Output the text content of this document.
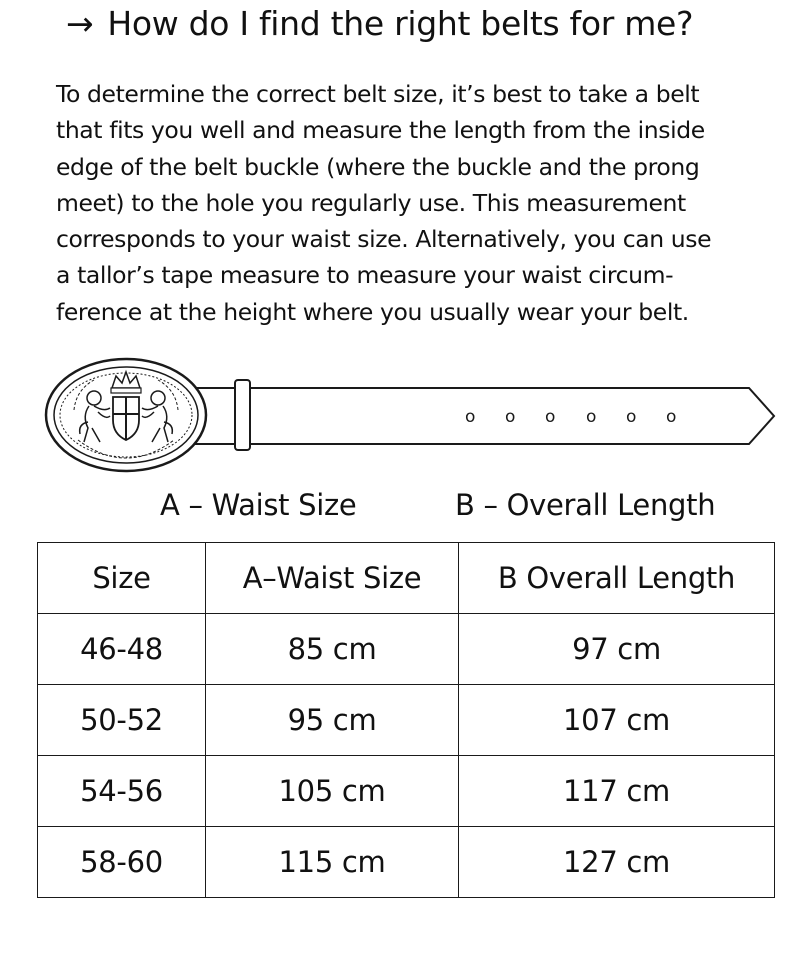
→ How do I find the right belts for me?

To determine the correct belt size, it’s best to take a belt
that fits you well and measure the length from the inside
edge of the belt buckle (where the buckle and the prong
meet) to the hole you regularly use. This measurement
corresponds to your waist size. Alternatively, you can use
a tallor’s tape measure to measure your waist circum-
ference at the height where you usually wear your belt.

o o o o o o
A – Waist Size	B – Overall Length
Size	A–Waist Size	B Overall Length
46-48	85 cm	97 cm
50-52	95 cm	107 cm
54-56	105 cm	117 cm
58-60	115 cm	127 cm
